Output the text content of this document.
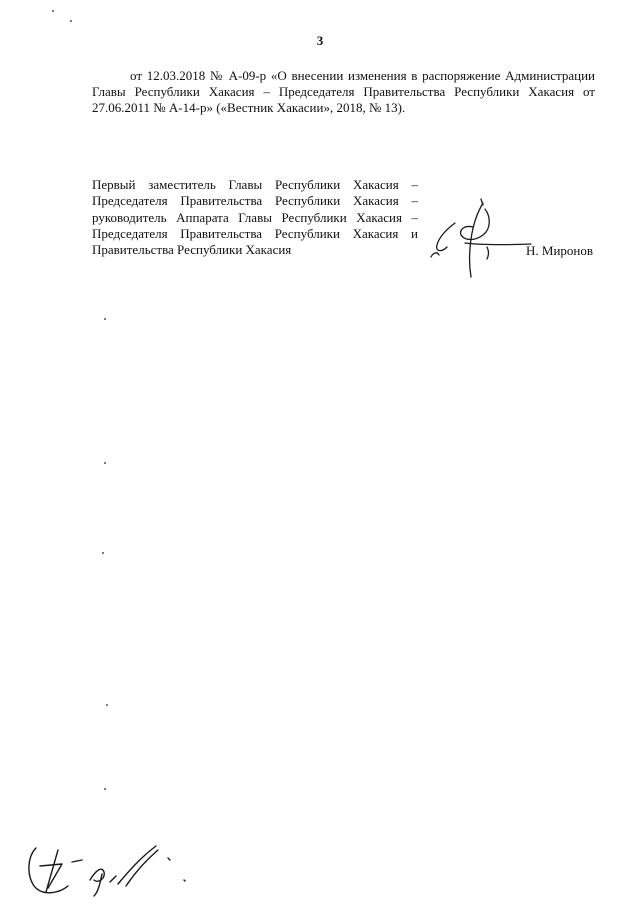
3

от 12.03.2018 № А-09-р «О внесении изменения в распоряжение Администрации Главы Республики Хакасия – Председателя Правительства Республики Хакасия от 27.06.2011 № А-14-р» («Вестник Хакасии», 2018, № 13).

Первый заместитель Главы Республики Хакасия –
Председателя Правительства Республики Хакасия –
руководитель Аппарата Главы Республики Хакасия –
Председателя Правительства Республики Хакасия и
Правительства Республики Хакасия	Н. Миронов
